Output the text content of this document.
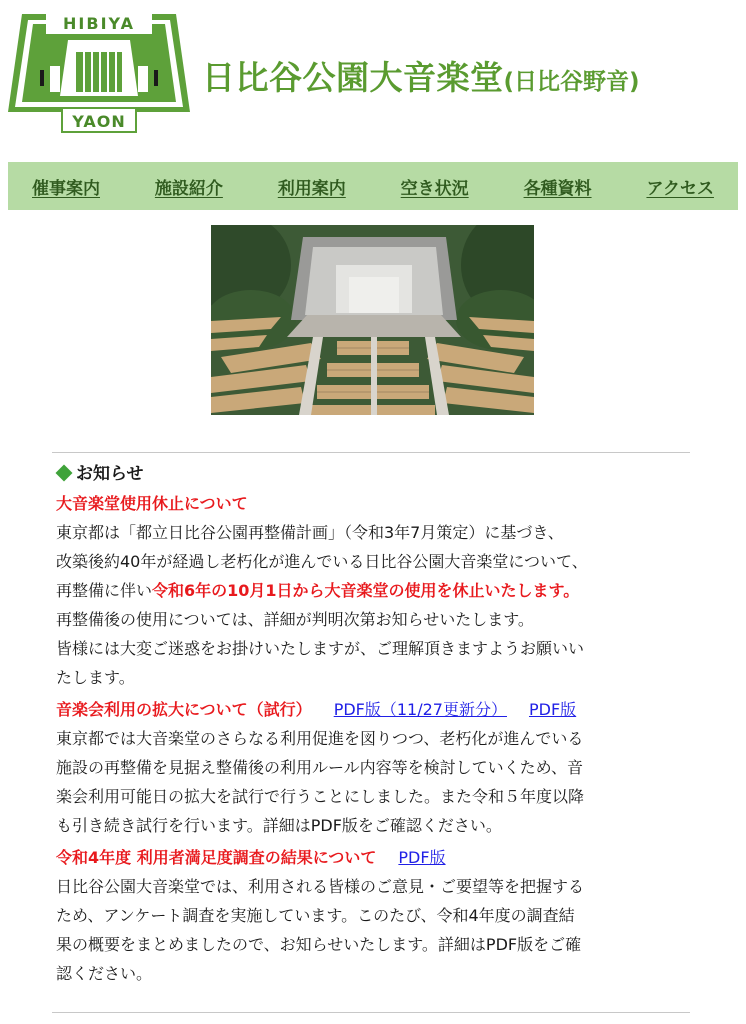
HIBIYA
YAON
日比谷公園大音楽堂(日比谷野音)
催事案内	施設紹介	利用案内	空き状況	各種資料	アクセス
お知らせ
大音楽堂使用休止について
東京都は「都立日比谷公園再整備計画」（令和3年7月策定）に基づき、
改築後約40年が経過し老朽化が進んでいる日比谷公園大音楽堂について、
再整備に伴い令和6年の10月1日から大音楽堂の使用を休止いたします。
再整備後の使用については、詳細が判明次第お知らせいたします。
皆様には大変ご迷惑をお掛けいたしますが、ご理解頂きますようお願いい
たします。
音楽会利用の拡大について（試行） PDF版（11/27更新分） PDF版
東京都では大音楽堂のさらなる利用促進を図りつつ、老朽化が進んでいる
施設の再整備を見据え整備後の利用ルール内容等を検討していくため、音
楽会利用可能日の拡大を試行で行うことにしました。また令和５年度以降
も引き続き試行を行います。詳細はPDF版をご確認ください。
令和4年度 利用者満足度調査の結果について PDF版
日比谷公園大音楽堂では、利用される皆様のご意見・ご要望等を把握する
ため、アンケート調査を実施しています。このたび、令和4年度の調査結
果の概要をまとめましたので、お知らせいたします。詳細はPDF版をご確
認ください。
